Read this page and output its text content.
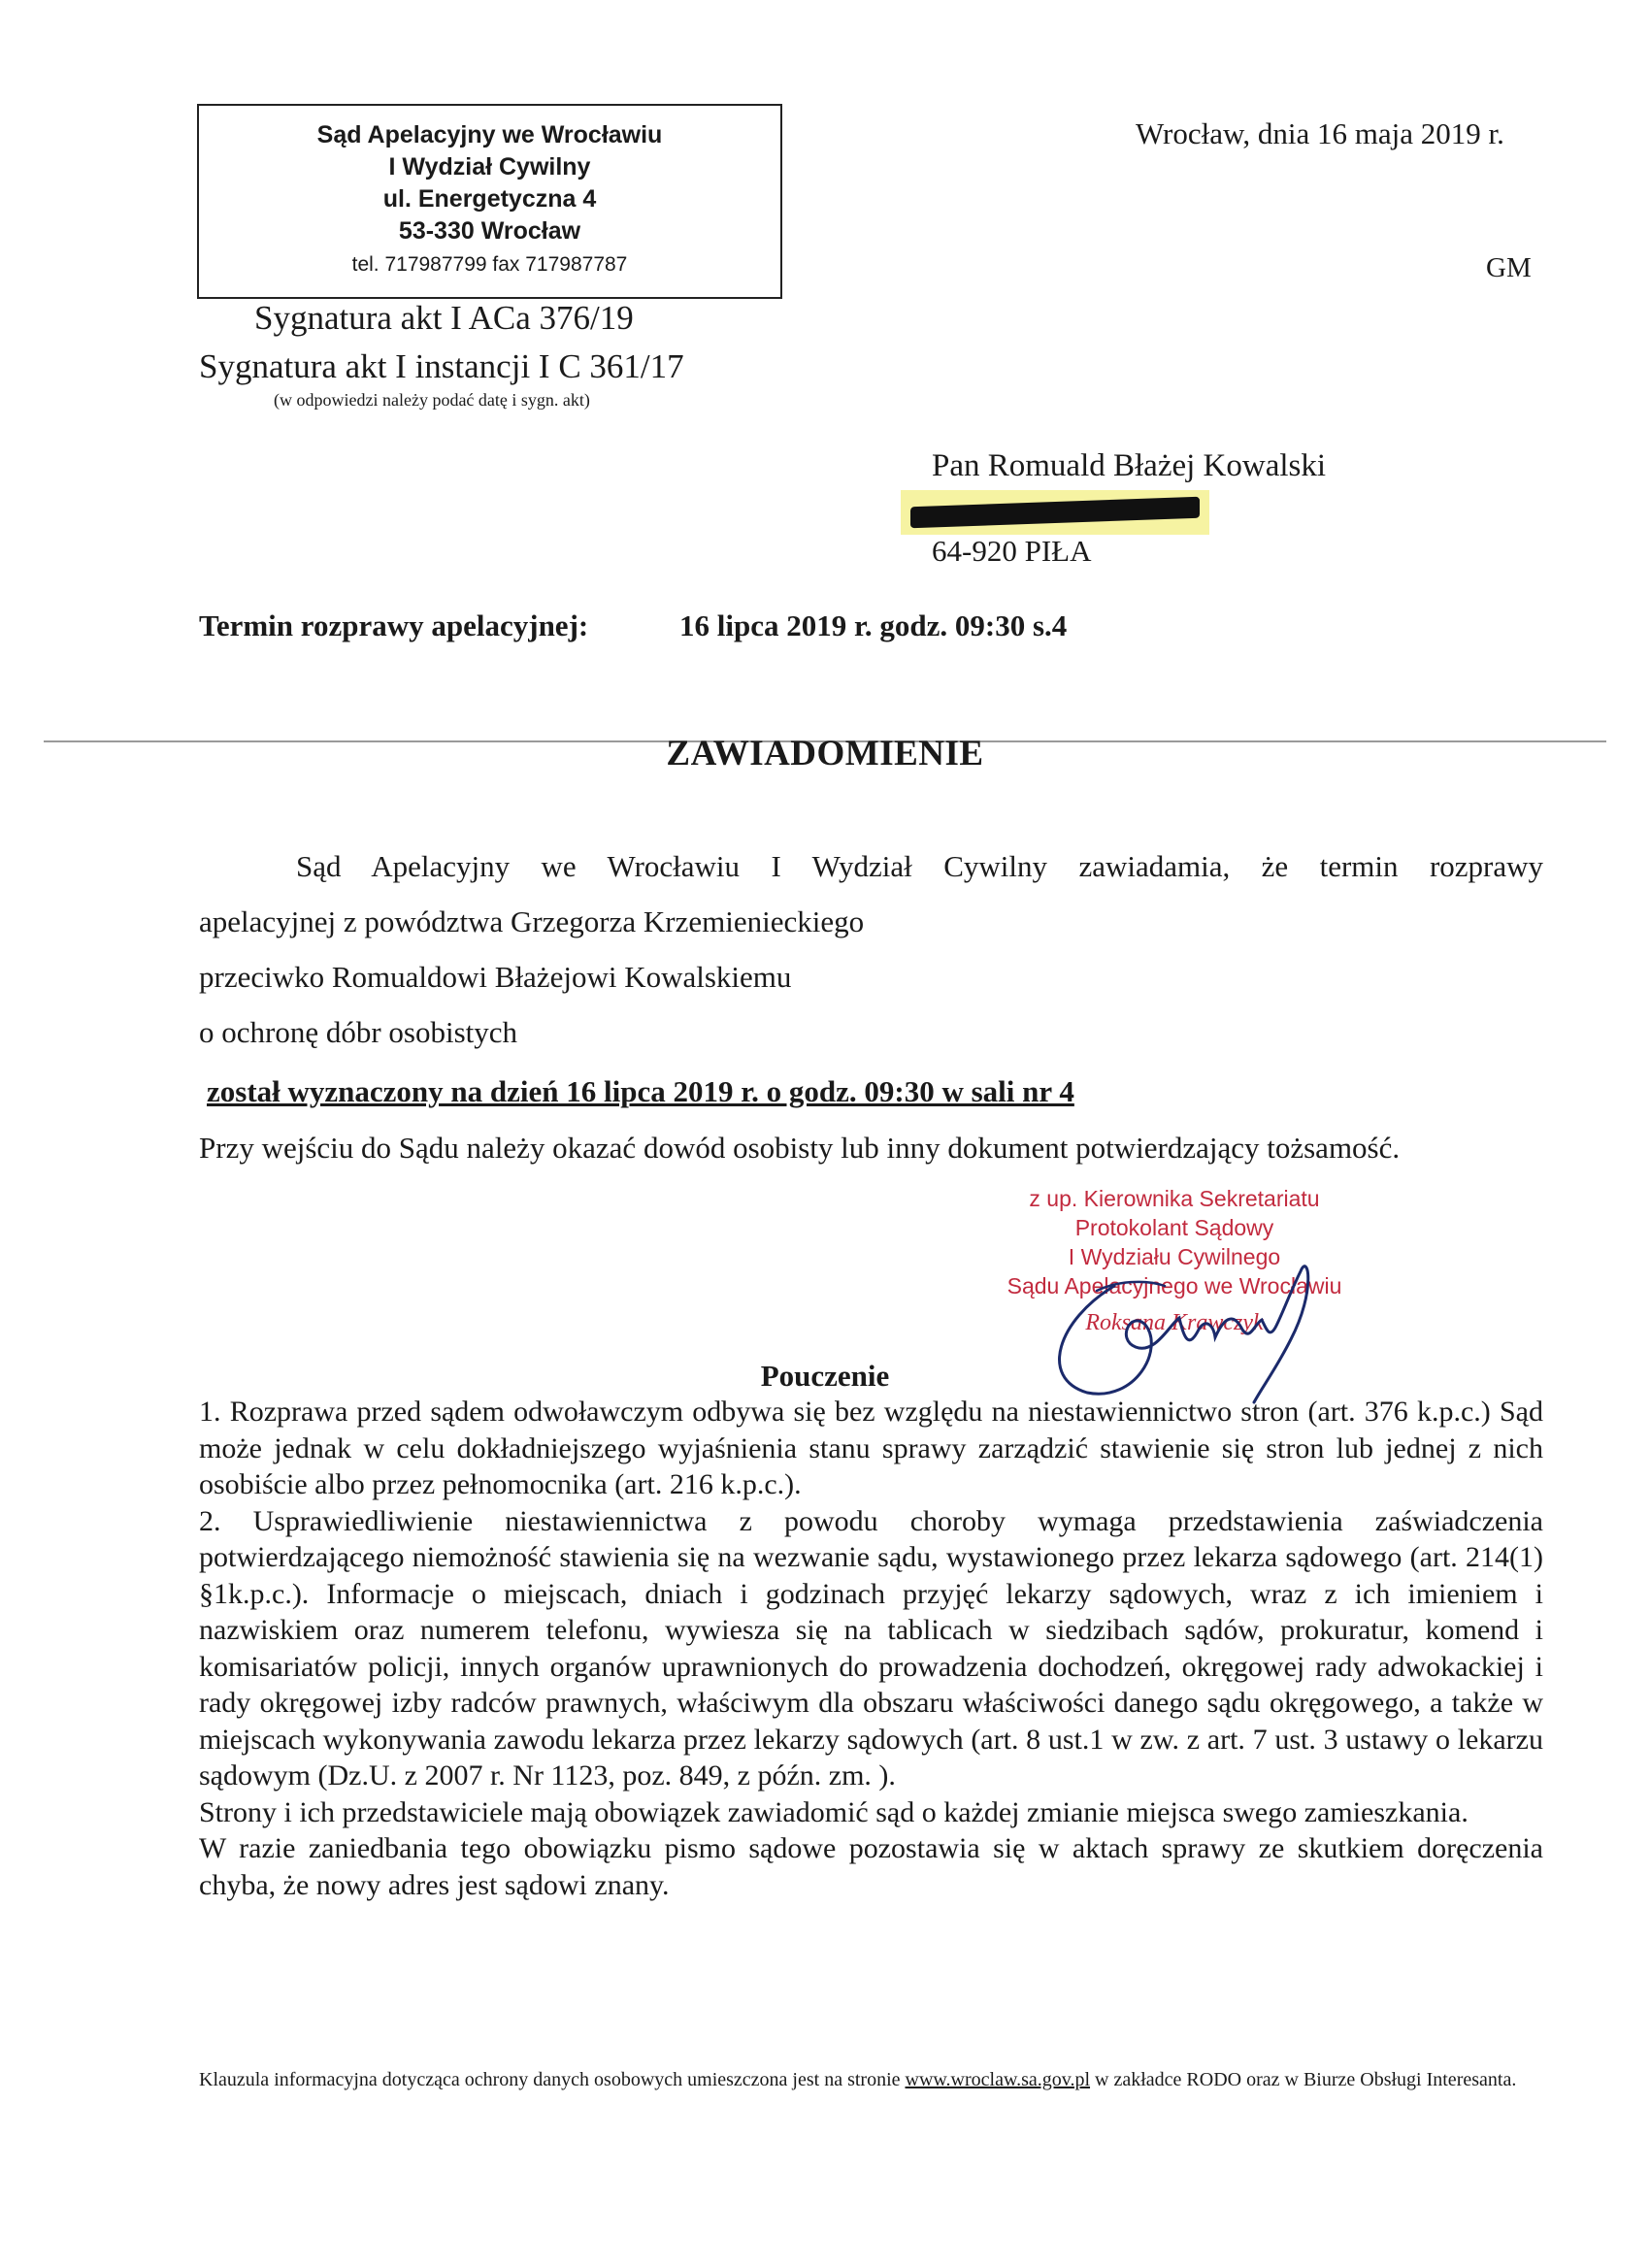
Sąd Apelacyjny we Wrocławiu
I Wydział Cywilny
ul. Energetyczna 4
53-330 Wrocław
tel. 717987799 fax 717987787
Wrocław, dnia 16 maja 2019 r.
GM
Sygnatura akt I ACa 376/19
Sygnatura akt I instancji I C 361/17
(w odpowiedzi należy podać datę i sygn. akt)
Pan Romuald Błażej Kowalski
64-920 PIŁA
Termin rozprawy apelacyjnej:	16 lipca 2019 r. godz. 09:30 s.4
ZAWIADOMIENIE
Sąd Apelacyjny we Wrocławiu I Wydział Cywilny zawiadamia, że termin rozprawy
apelacyjnej z powództwa Grzegorza Krzemienieckiego
przeciwko Romualdowi Błażejowi Kowalskiemu
o ochronę dóbr osobistych
został wyznaczony na dzień 16 lipca 2019 r. o godz. 09:30 w sali nr 4
Przy wejściu do Sądu należy okazać dowód osobisty lub inny dokument potwierdzający tożsamość.
z up. Kierownika Sekretariatu
Protokolant Sądowy
I Wydziału Cywilnego
Sądu Apelacyjnego we Wrocławiu
Roksana Krawczyk
Pouczenie

1. Rozprawa przed sądem odwoławczym odbywa się bez względu na niestawiennictwo stron (art. 376 k.p.c.) Sąd może jednak w celu dokładniejszego wyjaśnienia stanu sprawy zarządzić stawienie się stron lub jednej z nich osobiście albo przez pełnomocnika (art. 216 k.p.c.).

2. Usprawiedliwienie niestawiennictwa z powodu choroby wymaga przedstawienia zaświadczenia potwierdzającego niemożność stawienia się na wezwanie sądu, wystawionego przez lekarza sądowego (art. 214(1) §1k.p.c.). Informacje o miejscach, dniach i godzinach przyjęć lekarzy sądowych, wraz z ich imieniem i nazwiskiem oraz numerem telefonu, wywiesza się na tablicach w siedzibach sądów, prokuratur, komend i komisariatów policji, innych organów uprawnionych do prowadzenia dochodzeń, okręgowej rady adwokackiej i rady okręgowej izby radców prawnych, właściwym dla obszaru właściwości danego sądu okręgowego, a także w miejscach wykonywania zawodu lekarza przez lekarzy sądowych (art. 8 ust.1 w zw. z art. 7 ust. 3 ustawy o lekarzu sądowym (Dz.U. z 2007 r. Nr 1123, poz. 849, z późn. zm. ).

Strony i ich przedstawiciele mają obowiązek zawiadomić sąd o każdej zmianie miejsca swego zamieszkania.

W razie zaniedbania tego obowiązku pismo sądowe pozostawia się w aktach sprawy ze skutkiem doręczenia chyba, że nowy adres jest sądowi znany.

Klauzula informacyjna dotycząca ochrony danych osobowych umieszczona jest na stronie www.wroclaw.sa.gov.pl w zakładce RODO oraz w Biurze Obsługi Interesanta.
